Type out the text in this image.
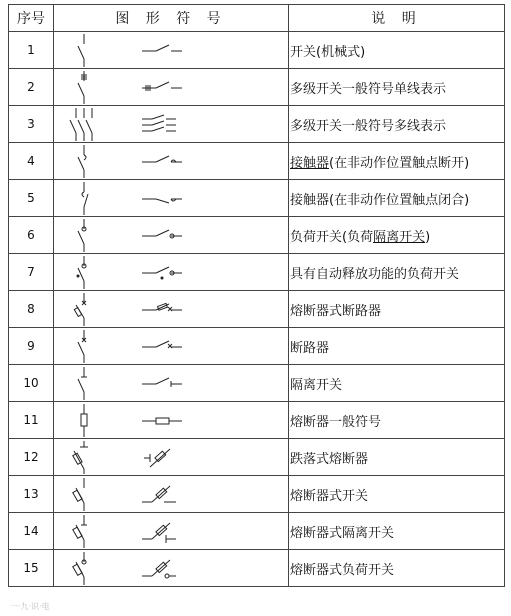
序号	图 形 符 号	说 明
1		开关(机械式)
2		多级开关一般符号单线表示
3		多级开关一般符号多线表示
4		接触器(在非动作位置触点断开)
5		接触器(在非动作位置触点闭合)
6		负荷开关(负荷隔离开关)
7		具有自动释放功能的负荷开关
8		熔断器式断路器
9		断路器
10		隔离开关
11		熔断器一般符号
12		跌落式熔断器
13		熔断器式开关
14		熔断器式隔离开关
15		熔断器式负荷开关
一·九·识·电
